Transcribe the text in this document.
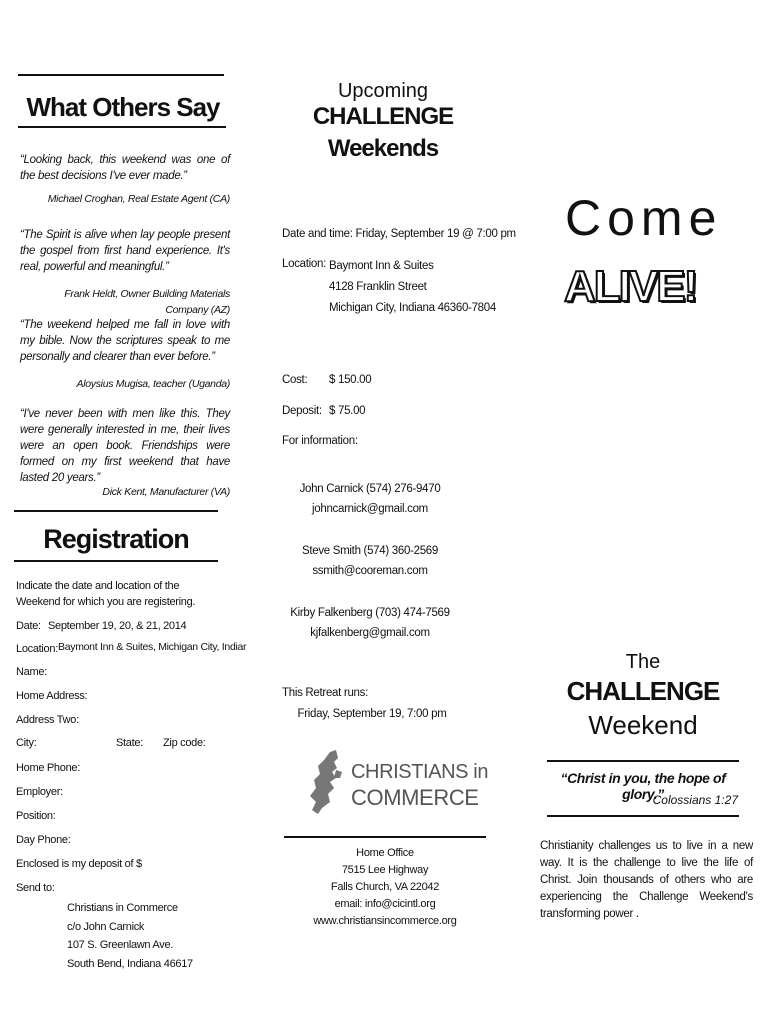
What Others Say
“Looking back, this weekend was one of the best decisions I've ever made.”
Michael Croghan, Real Estate Agent (CA)
“The Spirit is alive when lay people present the gospel from first hand experience. It's real, powerful and meaningful.”
Frank Heldt, Owner Building Materials Company (AZ)
“The weekend helped me fall in love with my bible. Now the scriptures speak to me personally and clearer than ever before.”
Aloysius Mugisa, teacher (Uganda)
“I've never been with men like this. They were generally interested in me, their lives were an open book. Friendships were formed on my first weekend that have lasted 20 years.”
Dick Kent, Manufacturer (VA)
Registration
Indicate the date and location of the Weekend for which you are registering.
Date: September 19, 20, & 21, 2014
Location: Baymont Inn & Suites, Michigan City, Indiar
Name:
Home Address:
Address Two:
City:	State: Zip code:
Home Phone:
Employer:
Position:
Day Phone:
Enclosed is my deposit of $
Send to:
Christians in Commerce
c/o John Carnick
107 S. Greenlawn Ave.
South Bend, Indiana 46617
Upcoming
CHALLENGE
Weekends
Date and time: Friday, September 19 @ 7:00 pm
Location: Baymont Inn & Suites
4128 Franklin Street
Michigan City, Indiana 46360-7804
Cost: $ 150.00
Deposit: $ 75.00
For information:
John Carnick (574) 276-9470
johncarnick@gmail.com
Steve Smith (574) 360-2569
ssmith@cooreman.com
Kirby Falkenberg (703) 474-7569
kjfalkenberg@gmail.com
This Retreat runs:
Friday, September 19, 7:00 pm
CHRISTIANS in
COMMERCE
Home Office
7515 Lee Highway
Falls Church, VA 22042
email: info@cicintl.org www.christiansincommerce.org
Come
ALIVE!
The
CHALLENGE
Weekend
“Christ in you, the hope of glory.”
Colossians 1:27
Christianity challenges us to live in a new way. It is the challenge to live the life of Christ. Join thousands of others who are experiencing the Challenge Weekend's transforming power .
